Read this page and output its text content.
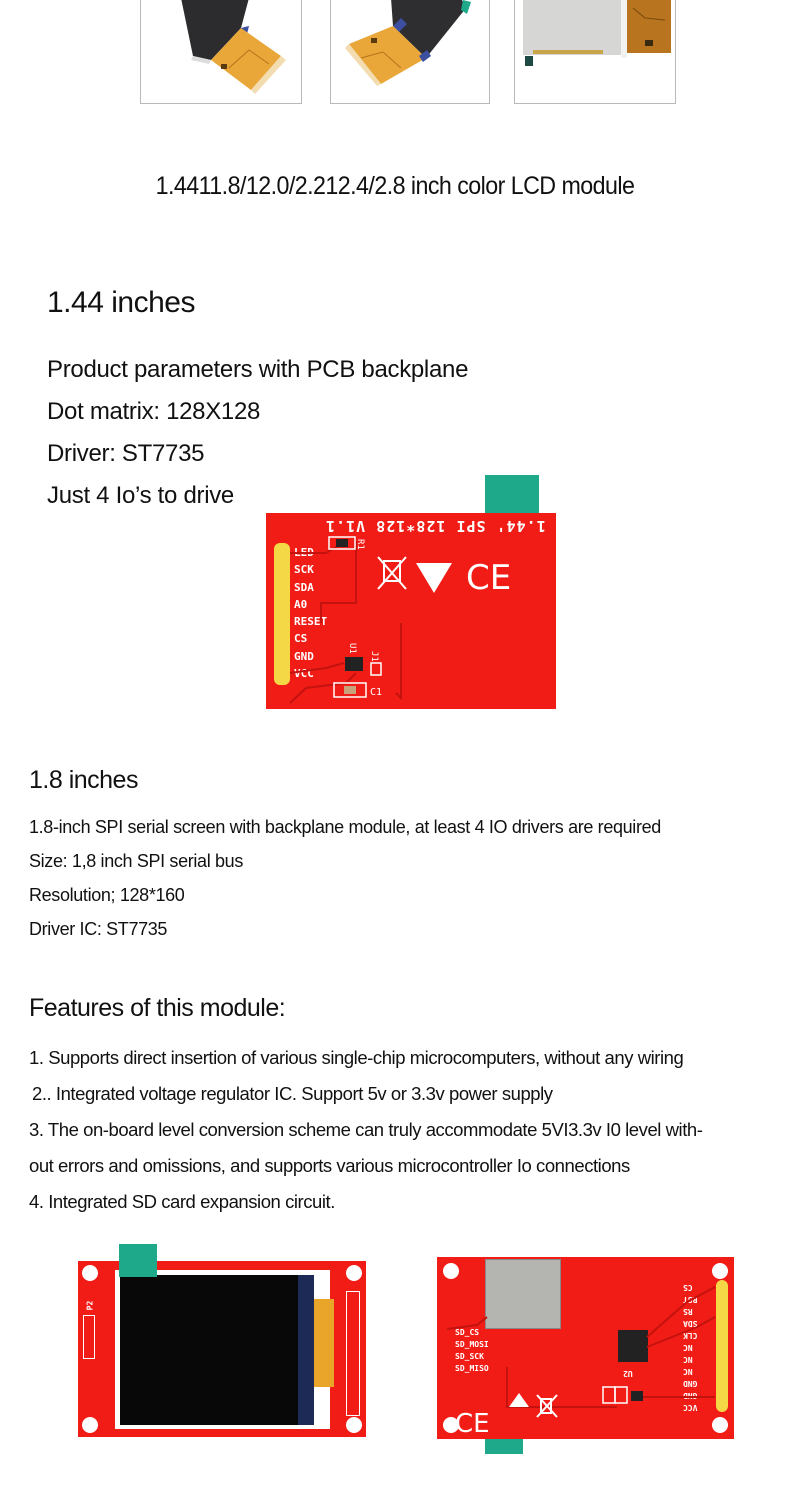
1.4411.8/12.0/2.212.4/2.8 inch color LCD module
1.44 inches
Product parameters with PCB backplane
Dot matrix: 128X128
Driver: ST7735
Just 4 Io’s to drive
1.44' SPI 128*128 V1.1
LED
SCK
SDA
A0
RESET
CS
GND
VCC
R1
U1
J1
C1
CE
1.8 inches
1.8-inch SPI serial screen with backplane module, at least 4 IO drivers are required
Size: 1,8 inch SPI serial bus
Resolution; 128*160
Driver IC: ST7735
Features of this module:
1. Supports direct insertion of various single-chip microcomputers, without any wiring
2.. Integrated voltage regulator IC. Support 5v or 3.3v power supply
3. The on-board level conversion scheme can truly accommodate 5VI3.3v I0 level with-
out errors and omissions, and supports various microcontroller Io connections
4. Integrated SD card expansion circuit.
P2
SD_CS
SD_MOSI
SD_SCK
SD_MISO
U2
VCC
GND
GND
NC
NC
NC
CLK
SDA
RS
RST
CS
CE
